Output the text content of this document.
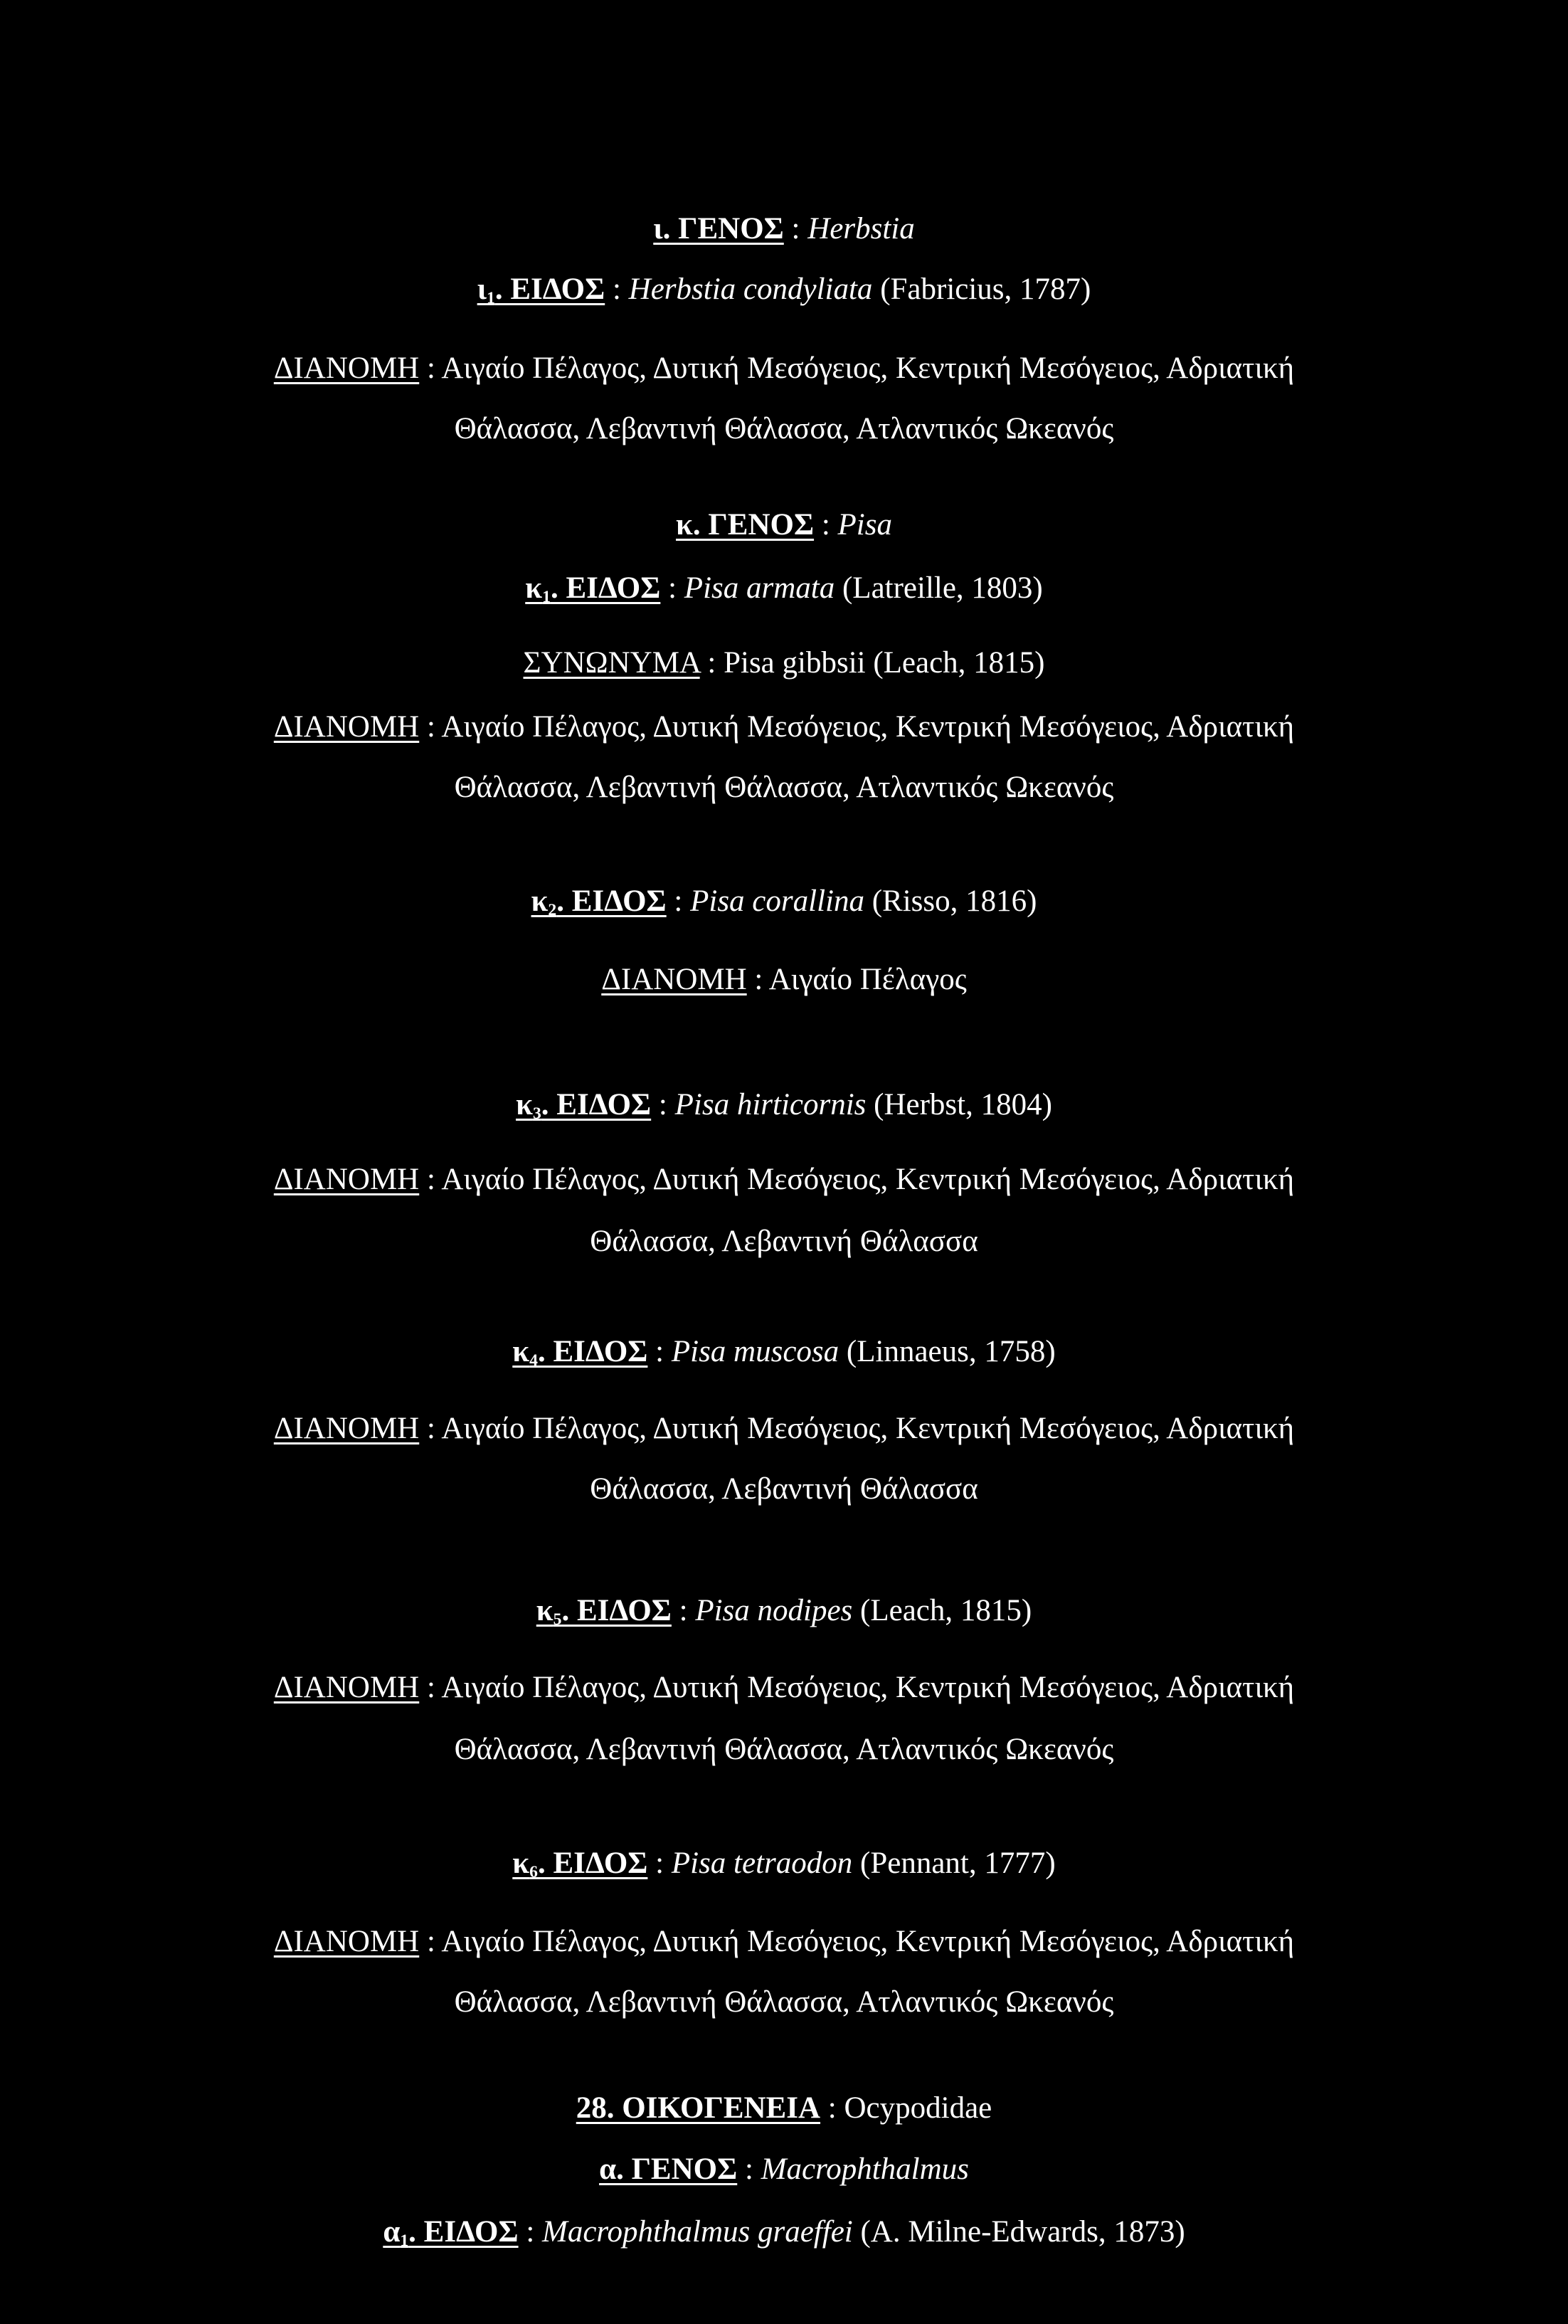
ι. ΓΕΝΟΣ : Herbstia
$\iota_1$. ΕΙΔΟΣ : Herbstia condyliata (Fabricius, 1787)
ΔΙΑΝΟΜΗ : Αιγαίο Πέλαγος, Δυτική Μεσόγειος, Κεντρική Μεσόγειος, Αδριατική
Θάλασσα, Λεβαντινή Θάλασσα, Ατλαντικός Ωκεανός
κ. ΓΕΝΟΣ : Pisa
$\kappa_1$. ΕΙΔΟΣ : Pisa armata (Latreille, 1803)
ΣΥΝΩΝΥΜΑ : Pisa gibbsii (Leach, 1815)
ΔΙΑΝΟΜΗ : Αιγαίο Πέλαγος, Δυτική Μεσόγειος, Κεντρική Μεσόγειος, Αδριατική
Θάλασσα, Λεβαντινή Θάλασσα, Ατλαντικός Ωκεανός
$\kappa_2$. ΕΙΔΟΣ : Pisa corallina (Risso, 1816)
ΔΙΑΝΟΜΗ : Αιγαίο Πέλαγος
$\kappa_3$. ΕΙΔΟΣ : Pisa hirticornis (Herbst, 1804)
ΔΙΑΝΟΜΗ : Αιγαίο Πέλαγος, Δυτική Μεσόγειος, Κεντρική Μεσόγειος, Αδριατική
Θάλασσα, Λεβαντινή Θάλασσα
$\kappa_4$. ΕΙΔΟΣ : Pisa muscosa (Linnaeus, 1758)
ΔΙΑΝΟΜΗ : Αιγαίο Πέλαγος, Δυτική Μεσόγειος, Κεντρική Μεσόγειος, Αδριατική
Θάλασσα, Λεβαντινή Θάλασσα
$\kappa_5$. ΕΙΔΟΣ : Pisa nodipes (Leach, 1815)
ΔΙΑΝΟΜΗ : Αιγαίο Πέλαγος, Δυτική Μεσόγειος, Κεντρική Μεσόγειος, Αδριατική
Θάλασσα, Λεβαντινή Θάλασσα, Ατλαντικός Ωκεανός
$\kappa_6$. ΕΙΔΟΣ : Pisa tetraodon (Pennant, 1777)
ΔΙΑΝΟΜΗ : Αιγαίο Πέλαγος, Δυτική Μεσόγειος, Κεντρική Μεσόγειος, Αδριατική
Θάλασσα, Λεβαντινή Θάλασσα, Ατλαντικός Ωκεανός
28. ΟΙΚΟΓΕΝΕΙΑ : Ocypodidae
α. ΓΕΝΟΣ : Macrophthalmus
$\alpha_1$. ΕΙΔΟΣ : Macrophthalmus graeffei (A. Milne-Edwards, 1873)
